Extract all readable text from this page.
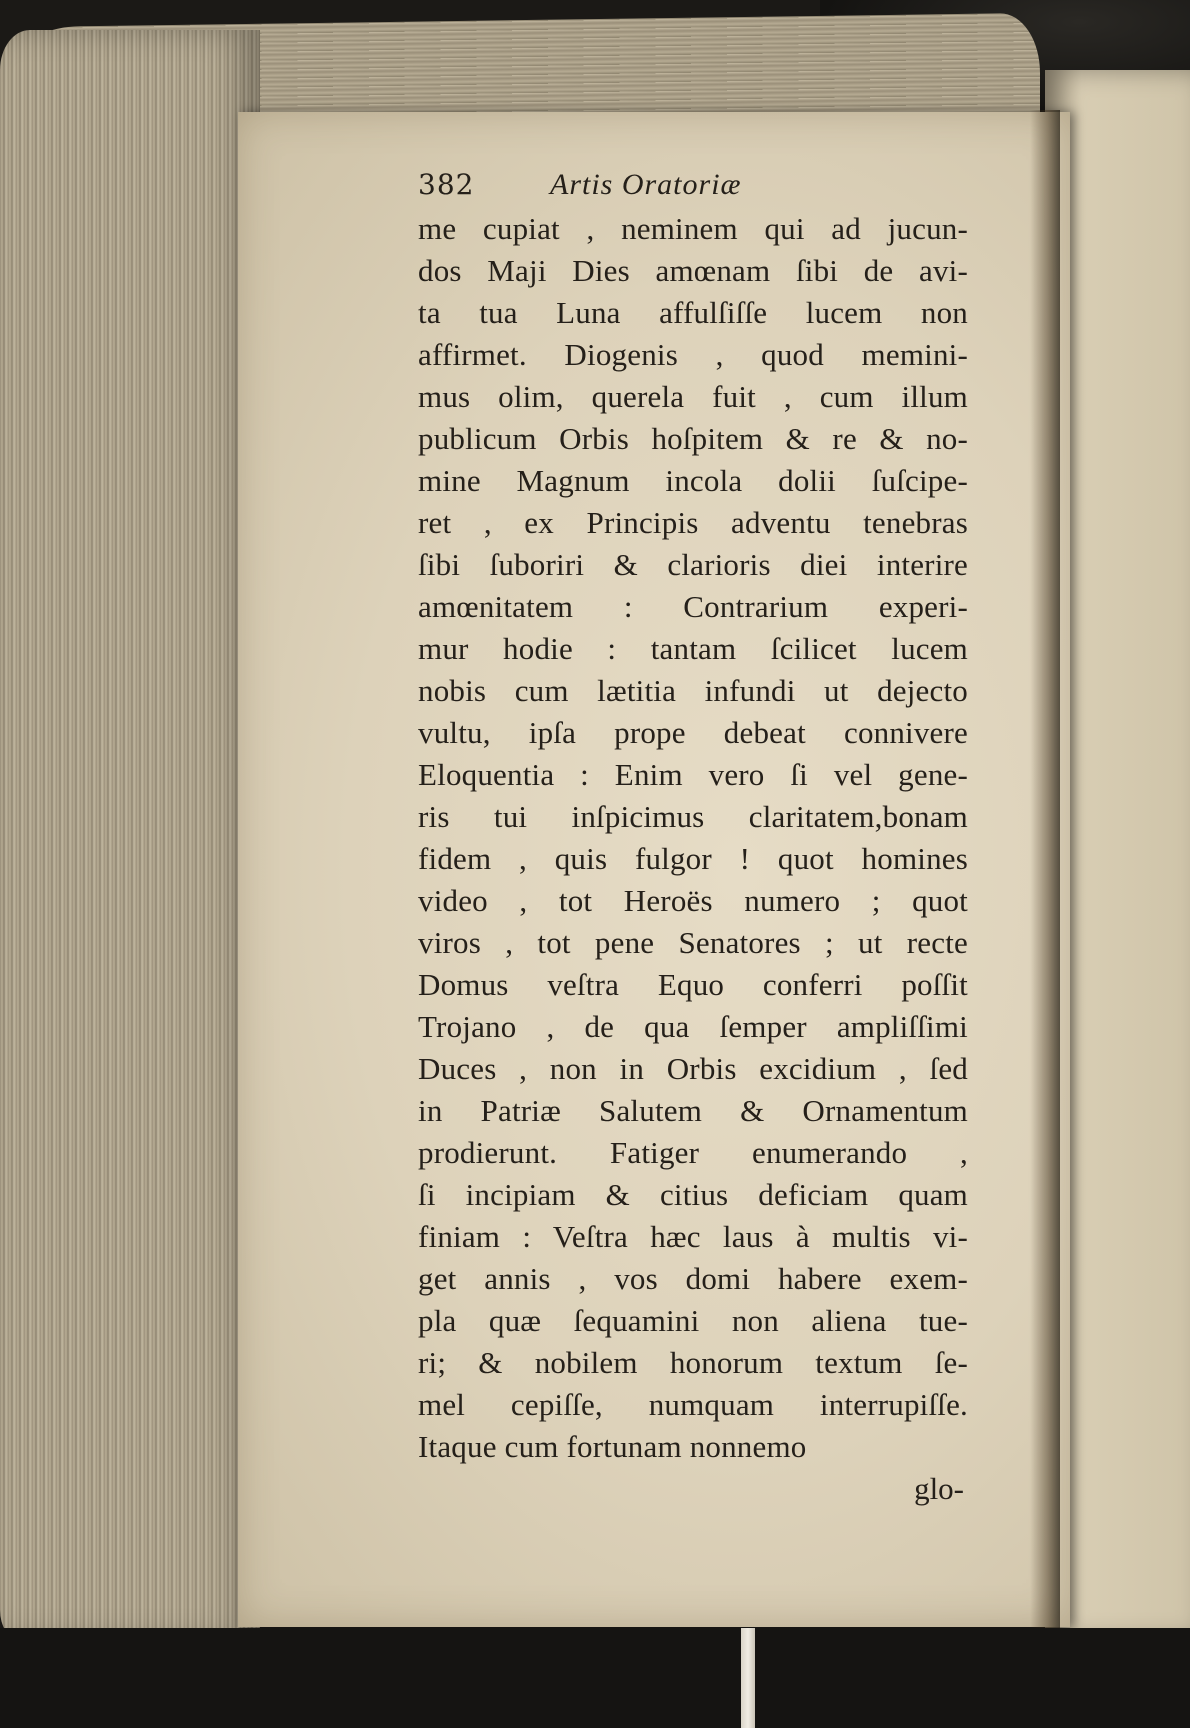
382	Artis Oratoriæ
me cupiat , neminem qui ad jucun-
dos Maji Dies amœnam ſibi de avi-
ta tua Luna affulſiſſe lucem non
affirmet. Diogenis , quod memini-
mus olim, querela fuit , cum illum
publicum Orbis hoſpitem & re & no-
mine Magnum incola dolii ſuſcipe-
ret , ex Principis adventu tenebras
ſibi ſuboriri & clarioris diei interire
amœnitatem : Contrarium experi-
mur hodie : tantam ſcilicet lucem
nobis cum lætitia infundi ut dejecto
vultu, ipſa prope debeat connivere
Eloquentia : Enim vero ſi vel gene-
ris tui inſpicimus claritatem,bonam
fidem , quis fulgor ! quot homines
video , tot Heroës numero ; quot
viros , tot pene Senatores ; ut recte
Domus veſtra Equo conferri poſſit
Trojano , de qua ſemper ampliſſimi
Duces , non in Orbis excidium , ſed
in Patriæ Salutem & Ornamentum
prodierunt. Fatiger enumerando ,
ſi incipiam & citius deficiam quam
finiam : Veſtra hæc laus à multis vi-
get annis , vos domi habere exem-
pla quæ ſequamini non aliena tue-
ri; & nobilem honorum textum ſe-
mel cepiſſe, numquam interrupiſſe.
Itaque cum fortunam nonnemo
glo-
